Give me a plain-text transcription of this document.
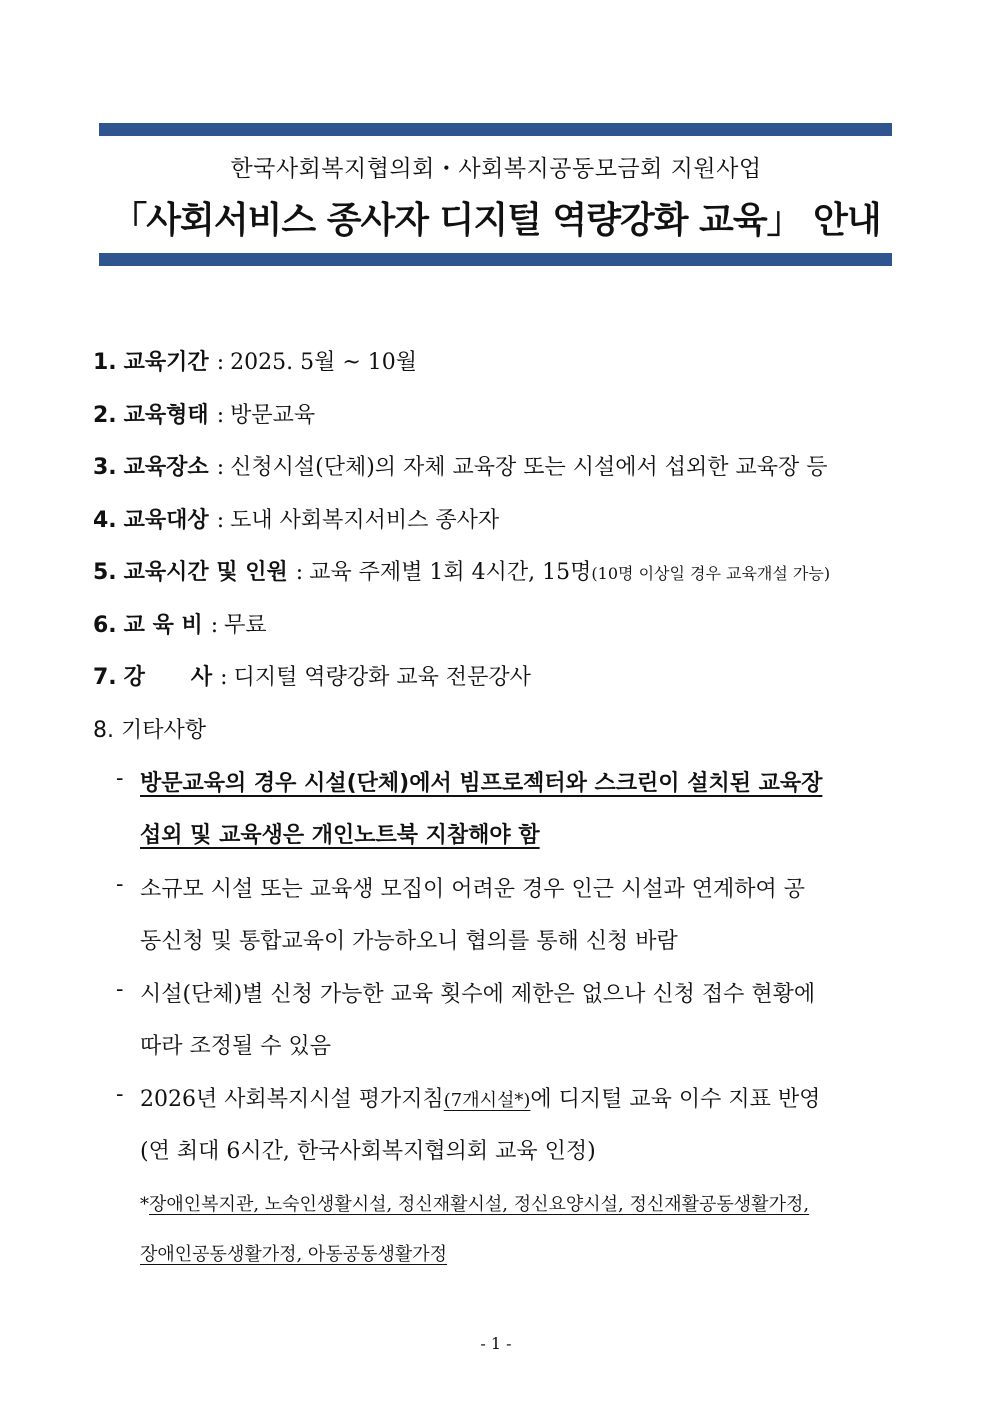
한국사회복지협의회・사회복지공동모금회 지원사업
「사회서비스 종사자 디지털 역량강화 교육」 안내
1. 교육기간 : 2025. 5월 ~ 10월
2. 교육형태 : 방문교육
3. 교육장소 : 신청시설(단체)의 자체 교육장 또는 시설에서 섭외한 교육장 등
4. 교육대상 : 도내 사회복지서비스 종사자
5. 교육시간 및 인원 : 교육 주제별 1회 4시간, 15명(10명 이상일 경우 교육개설 가능)
6. 교 육 비 : 무료
7. 강      사 : 디지털 역량강화 교육 전문강사
8. 기타사항
- 방문교육의 경우 시설(단체)에서 빔프로젝터와 스크린이 설치된 교육장
섭외 및 교육생은 개인노트북 지참해야 함
- 소규모 시설 또는 교육생 모집이 어려운 경우 인근 시설과 연계하여 공
동신청 및 통합교육이 가능하오니 협의를 통해 신청 바람
- 시설(단체)별 신청 가능한 교육 횟수에 제한은 없으나 신청 접수 현황에
따라 조정될 수 있음
- 2026년 사회복지시설 평가지침(7개시설*)에 디지털 교육 이수 지표 반영
(연 최대 6시간, 한국사회복지협의회 교육 인정)
*장애인복지관, 노숙인생활시설, 정신재활시설, 정신요양시설, 정신재활공동생활가정,
장애인공동생활가정, 아동공동생활가정
- 1 -
